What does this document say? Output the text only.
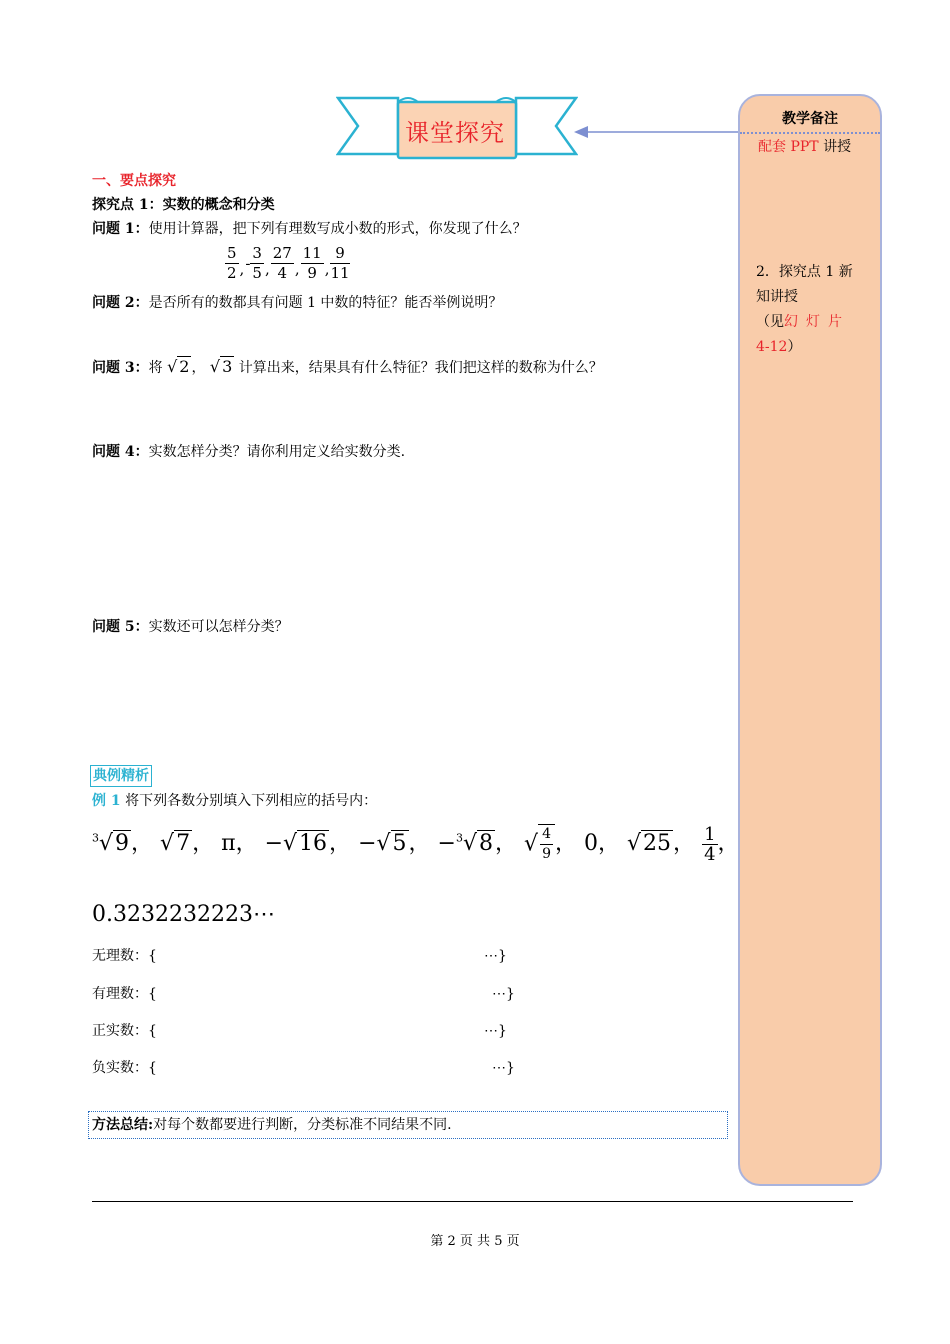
课堂探究	教学备注
配套 PPT 讲授
2．探究点 1 新
知讲授
（见幻灯片
4-12）
一、要点探究
探究点 1：实数的概念和分类
问题 1：使用计算器，把下列有理数写成小数的形式，你发现了什么？
$\frac{5}{2}$ ,- $\frac{3}{5}$ , $\frac{27}{4}$ , $\frac{11}{9}$ , $\frac{9}{11}$
问题 2：是否所有的数都具有问题 1 中数的特征？能否举例说明？
问题 3：将 √ 2 ， √ 3 计算出来，结果具有什么特征？我们把这样的数称为什么？
问题 4：实数怎样分类？请你利用定义给实数分类.
问题 5：实数还可以怎样分类？
典例精析
例 1 将下列各数分别填入下列相应的括号内：
$^3$√9， √7， π， −√16， −√5， −$^3$√8， √ $\frac{4}{9}$ ， 0， √25， $\frac{1}{4}$ ，
0.3232232223⋯
无理数：{	⋯}
有理数：{	⋯}
正实数：{	⋯}
负实数：{	⋯}
方法总结:对每个数都要进行判断，分类标准不同结果不同.
第 2 页 共 5 页
